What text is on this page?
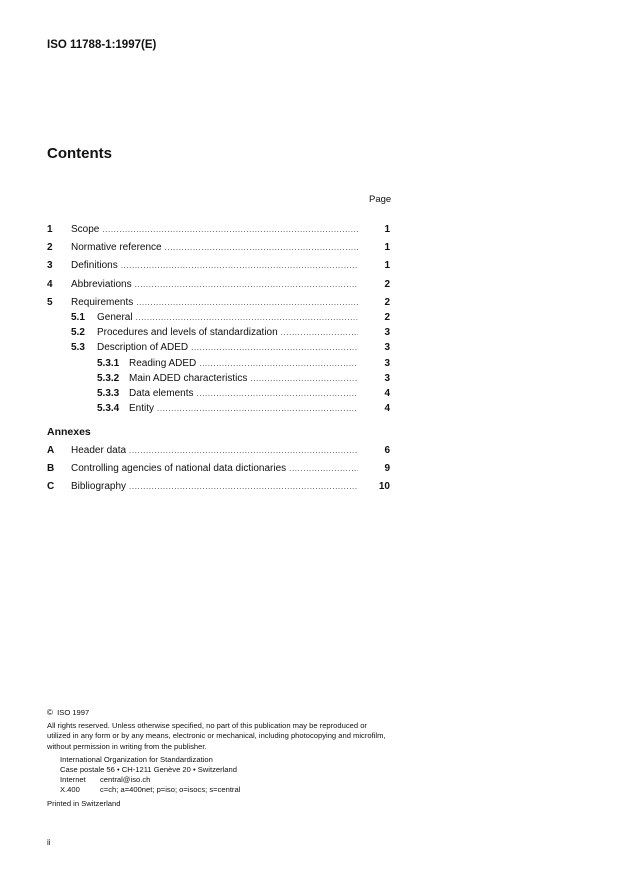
ISO 11788-1:1997(E)
Contents
Page
1 Scope .....	1
2 Normative reference .....	1
3 Definitions .....	1
4 Abbreviations .....	2
5 Requirements .....	2
5.1 General .....	2
5.2 Procedures and levels of standardization .....	3
5.3 Description of ADED .....	3
5.3.1 Reading ADED .....	3
5.3.2 Main ADED characteristics .....	3
5.3.3 Data elements .....	4
5.3.4 Entity .....	4
Annexes
A Header data .....	6
B Controlling agencies of national data dictionaries .....	9
C Bibliography .....	10
© ISO 1997
All rights reserved. Unless otherwise specified, no part of this publication may be reproduced or utilized in any form or by any means, electronic or mechanical, including photocopying and microfilm, without permission in writing from the publisher.
International Organization for Standardization
Case postale 56 • CH-1211 Genève 20 • Switzerland
Internet	central@iso.ch
X.400	c=ch; a=400net; p=iso; o=isocs; s=central
Printed in Switzerland
ii
